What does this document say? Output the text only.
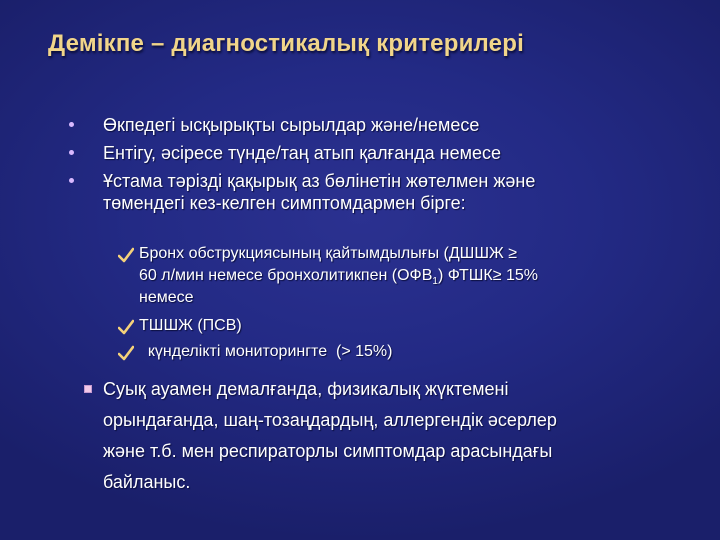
Демікпе – диагностикалық критерилері
Өкпедегі ысқырықты сырылдар және/немесе
Ентігу, әсіресе түнде/таң атып қалғанда немесе
Ұстама тәрізді қақырық аз бөлінетін жөтелмен және
төмендегі кез-келген симптомдармен бірге:
Бронх обструкциясының қайтымдылығы (ДШШЖ ≥
60 л/мин немесе бронхолитикпен $(ОФВ_1)$ ФТШК≥ 15%
немесе
ТШШЖ (ПСВ)
күнделікті мониторингте  (> 15%)
Суық ауамен демалғанда, физикалық жүктемені
орындағанда, шаң-тозаңдардың, аллергендік әсерлер
және т.б. мен респираторлы симптомдар арасындағы
байланыс.
